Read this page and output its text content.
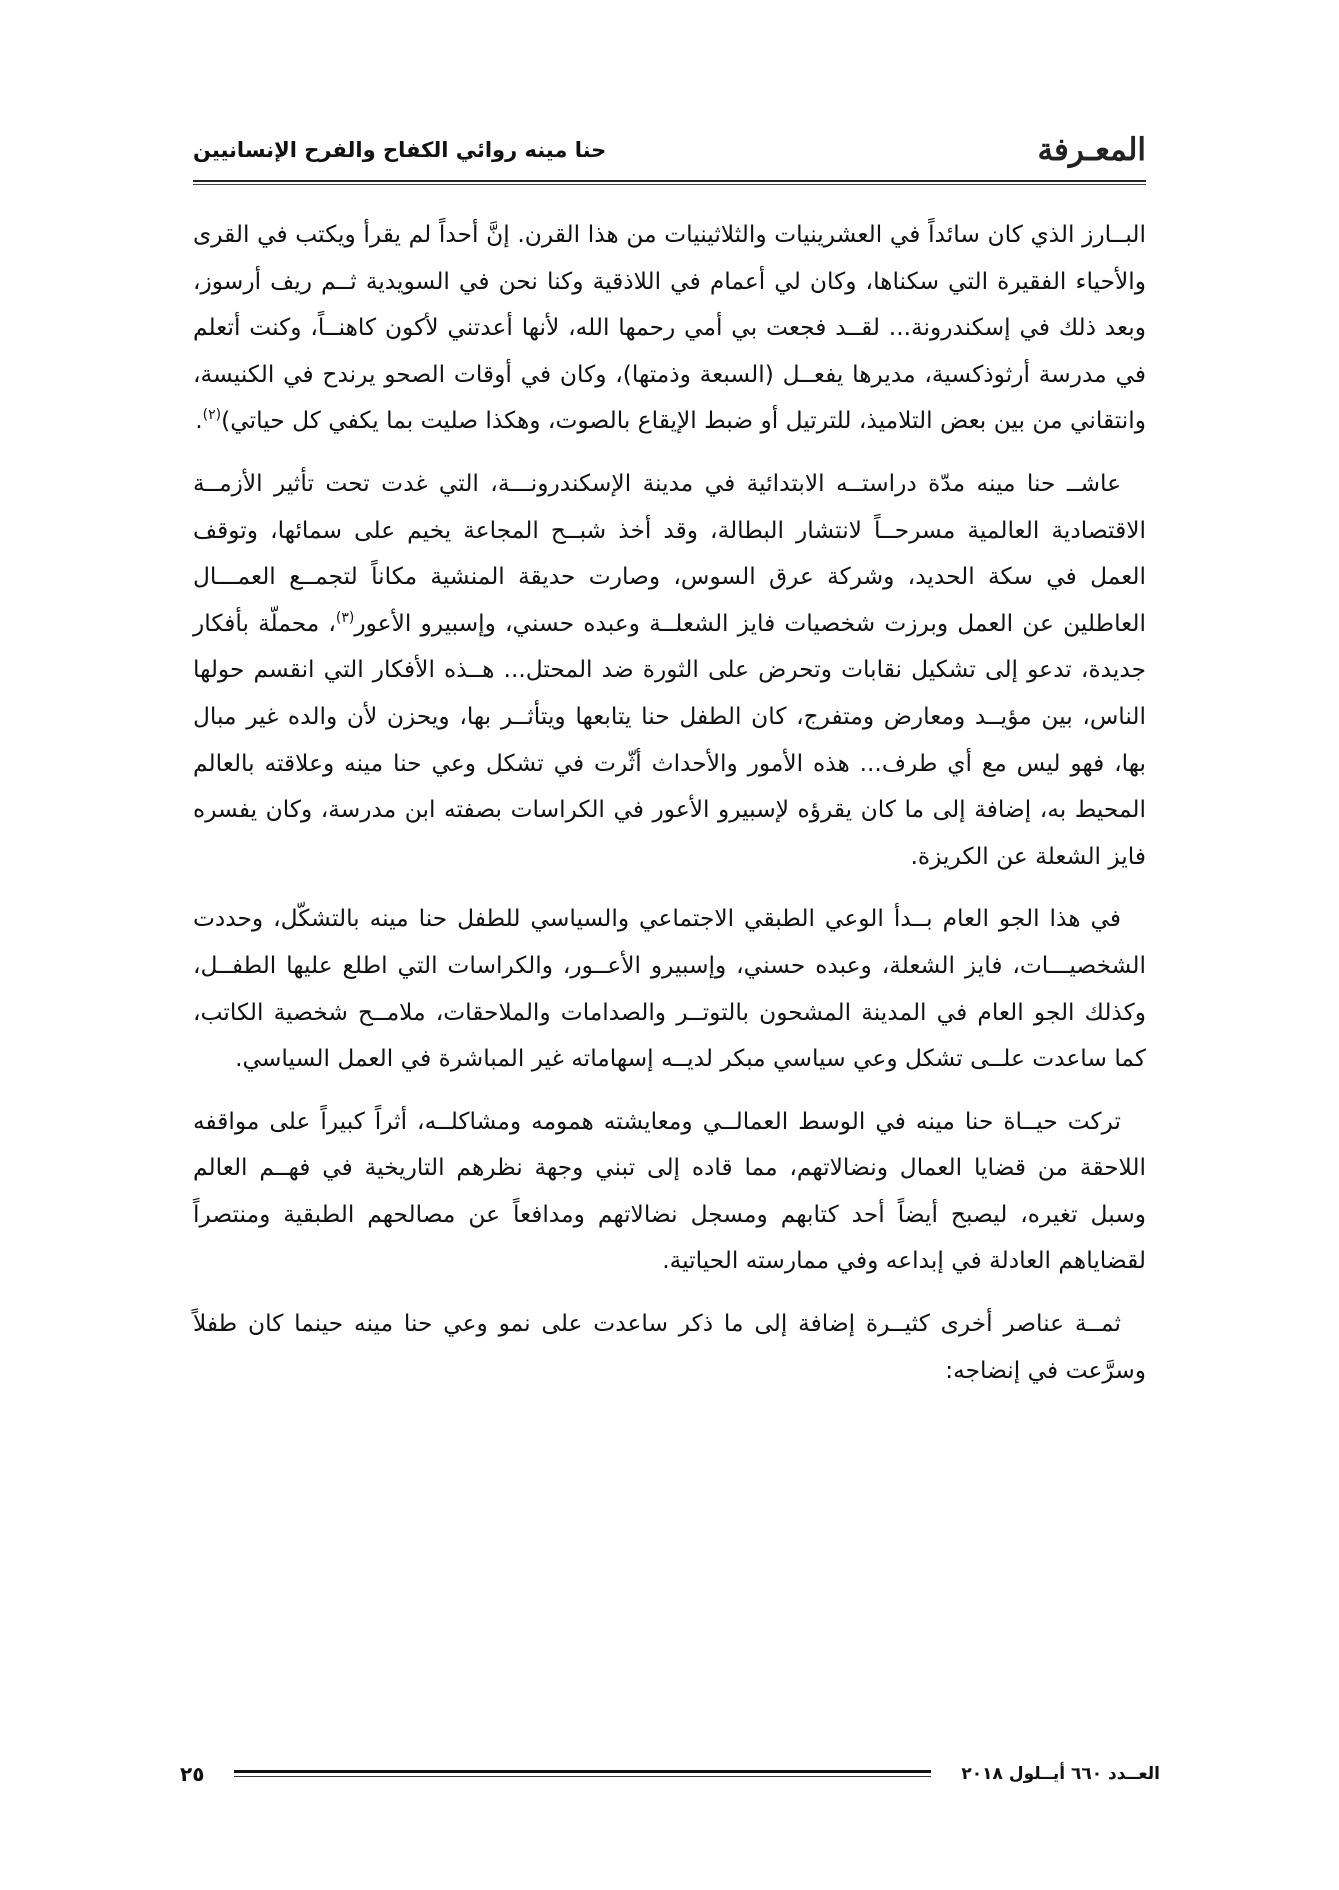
المعـرفة
حنا مينه روائي الكفاح والفرح الإنسانيين

البــارز الذي كان سائداً في العشرينيات والثلاثينيات من هذا القرن. إنَّ أحداً لم يقرأ ويكتب في القرى والأحياء الفقيرة التي سكناها، وكان لي أعمام في اللاذقية وكنا نحن في السويدية ثــم ريف أرسوز، وبعد ذلك في إسكندرونة... لقــد فجعت بي أمي رحمها الله، لأنها أعدتني لأكون كاهنــاً، وكنت أتعلم في مدرسة أرثوذكسية، مديرها يفعــل (السبعة وذمتها)، وكان في أوقات الصحو يرندح في الكنيسة، وانتقاني من بين بعض التلاميذ، للترتيل أو ضبط الإيقاع بالصوت، وهكذا صليت بما يكفي كل حياتي)$^{(٢)}$.

عاشــ حنا مينه مدّة دراستــه الابتدائية في مدينة الإسكندرونـــة، التي غدت تحت تأثير الأزمــة الاقتصادية العالمية مسرحــاً لانتشار البطالة، وقد أخذ شبــح المجاعة يخيم على سمائها، وتوقف العمل في سكة الحديد، وشركة عرق السوس، وصارت حديقة المنشية مكاناً لتجمــع العمـــال العاطلين عن العمل وبرزت شخصيات فايز الشعلــة وعبده حسني، وإسبيرو الأعور$^{(٣)}$، محملّة بأفكار جديدة، تدعو إلى تشكيل نقابات وتحرض على الثورة ضد المحتل... هــذه الأفكار التي انقسم حولها الناس، بين مؤيــد ومعارض ومتفرج، كان الطفل حنا يتابعها ويتأثــر بها، ويحزن لأن والده غير مبال بها، فهو ليس مع أي طرف... هذه الأمور والأحداث أثّرت في تشكل وعي حنا مينه وعلاقته بالعالم المحيط به، إضافة إلى ما كان يقرؤه لإسبيرو الأعور في الكراسات بصفته ابن مدرسة، وكان يفسره فايز الشعلة عن الكريزة.

في هذا الجو العام بــدأ الوعي الطبقي الاجتماعي والسياسي للطفل حنا مينه بالتشكّل، وحددت الشخصيـــات، فايز الشعلة، وعبده حسني، وإسبيرو الأعــور، والكراسات التي اطلع عليها الطفــل، وكذلك الجو العام في المدينة المشحون بالتوتــر والصدامات والملاحقات، ملامــح شخصية الكاتب، كما ساعدت علــى تشكل وعي سياسي مبكر لديــه إسهاماته غير المباشرة في العمل السياسي.

تركت حيــاة حنا مينه في الوسط العمالــي ومعايشته همومه ومشاكلــه، أثراً كبيراً على مواقفه اللاحقة من قضايا العمال ونضالاتهم، مما قاده إلى تبني وجهة نظرهم التاريخية في فهــم العالم وسبل تغيره، ليصبح أيضاً أحد كتابهم ومسجل نضالاتهم ومدافعاً عن مصالحهم الطبقية ومنتصراً لقضاياهم العادلة في إبداعه وفي ممارسته الحياتية.

ثمــة عناصر أخرى كثيــرة إضافة إلى ما ذكر ساعدت على نمو وعي حنا مينه حينما كان طفلاً وسرَّعت في إنضاجه:

العــدد ٦٦٠ أيــلول ٢٠١٨
٢٥
